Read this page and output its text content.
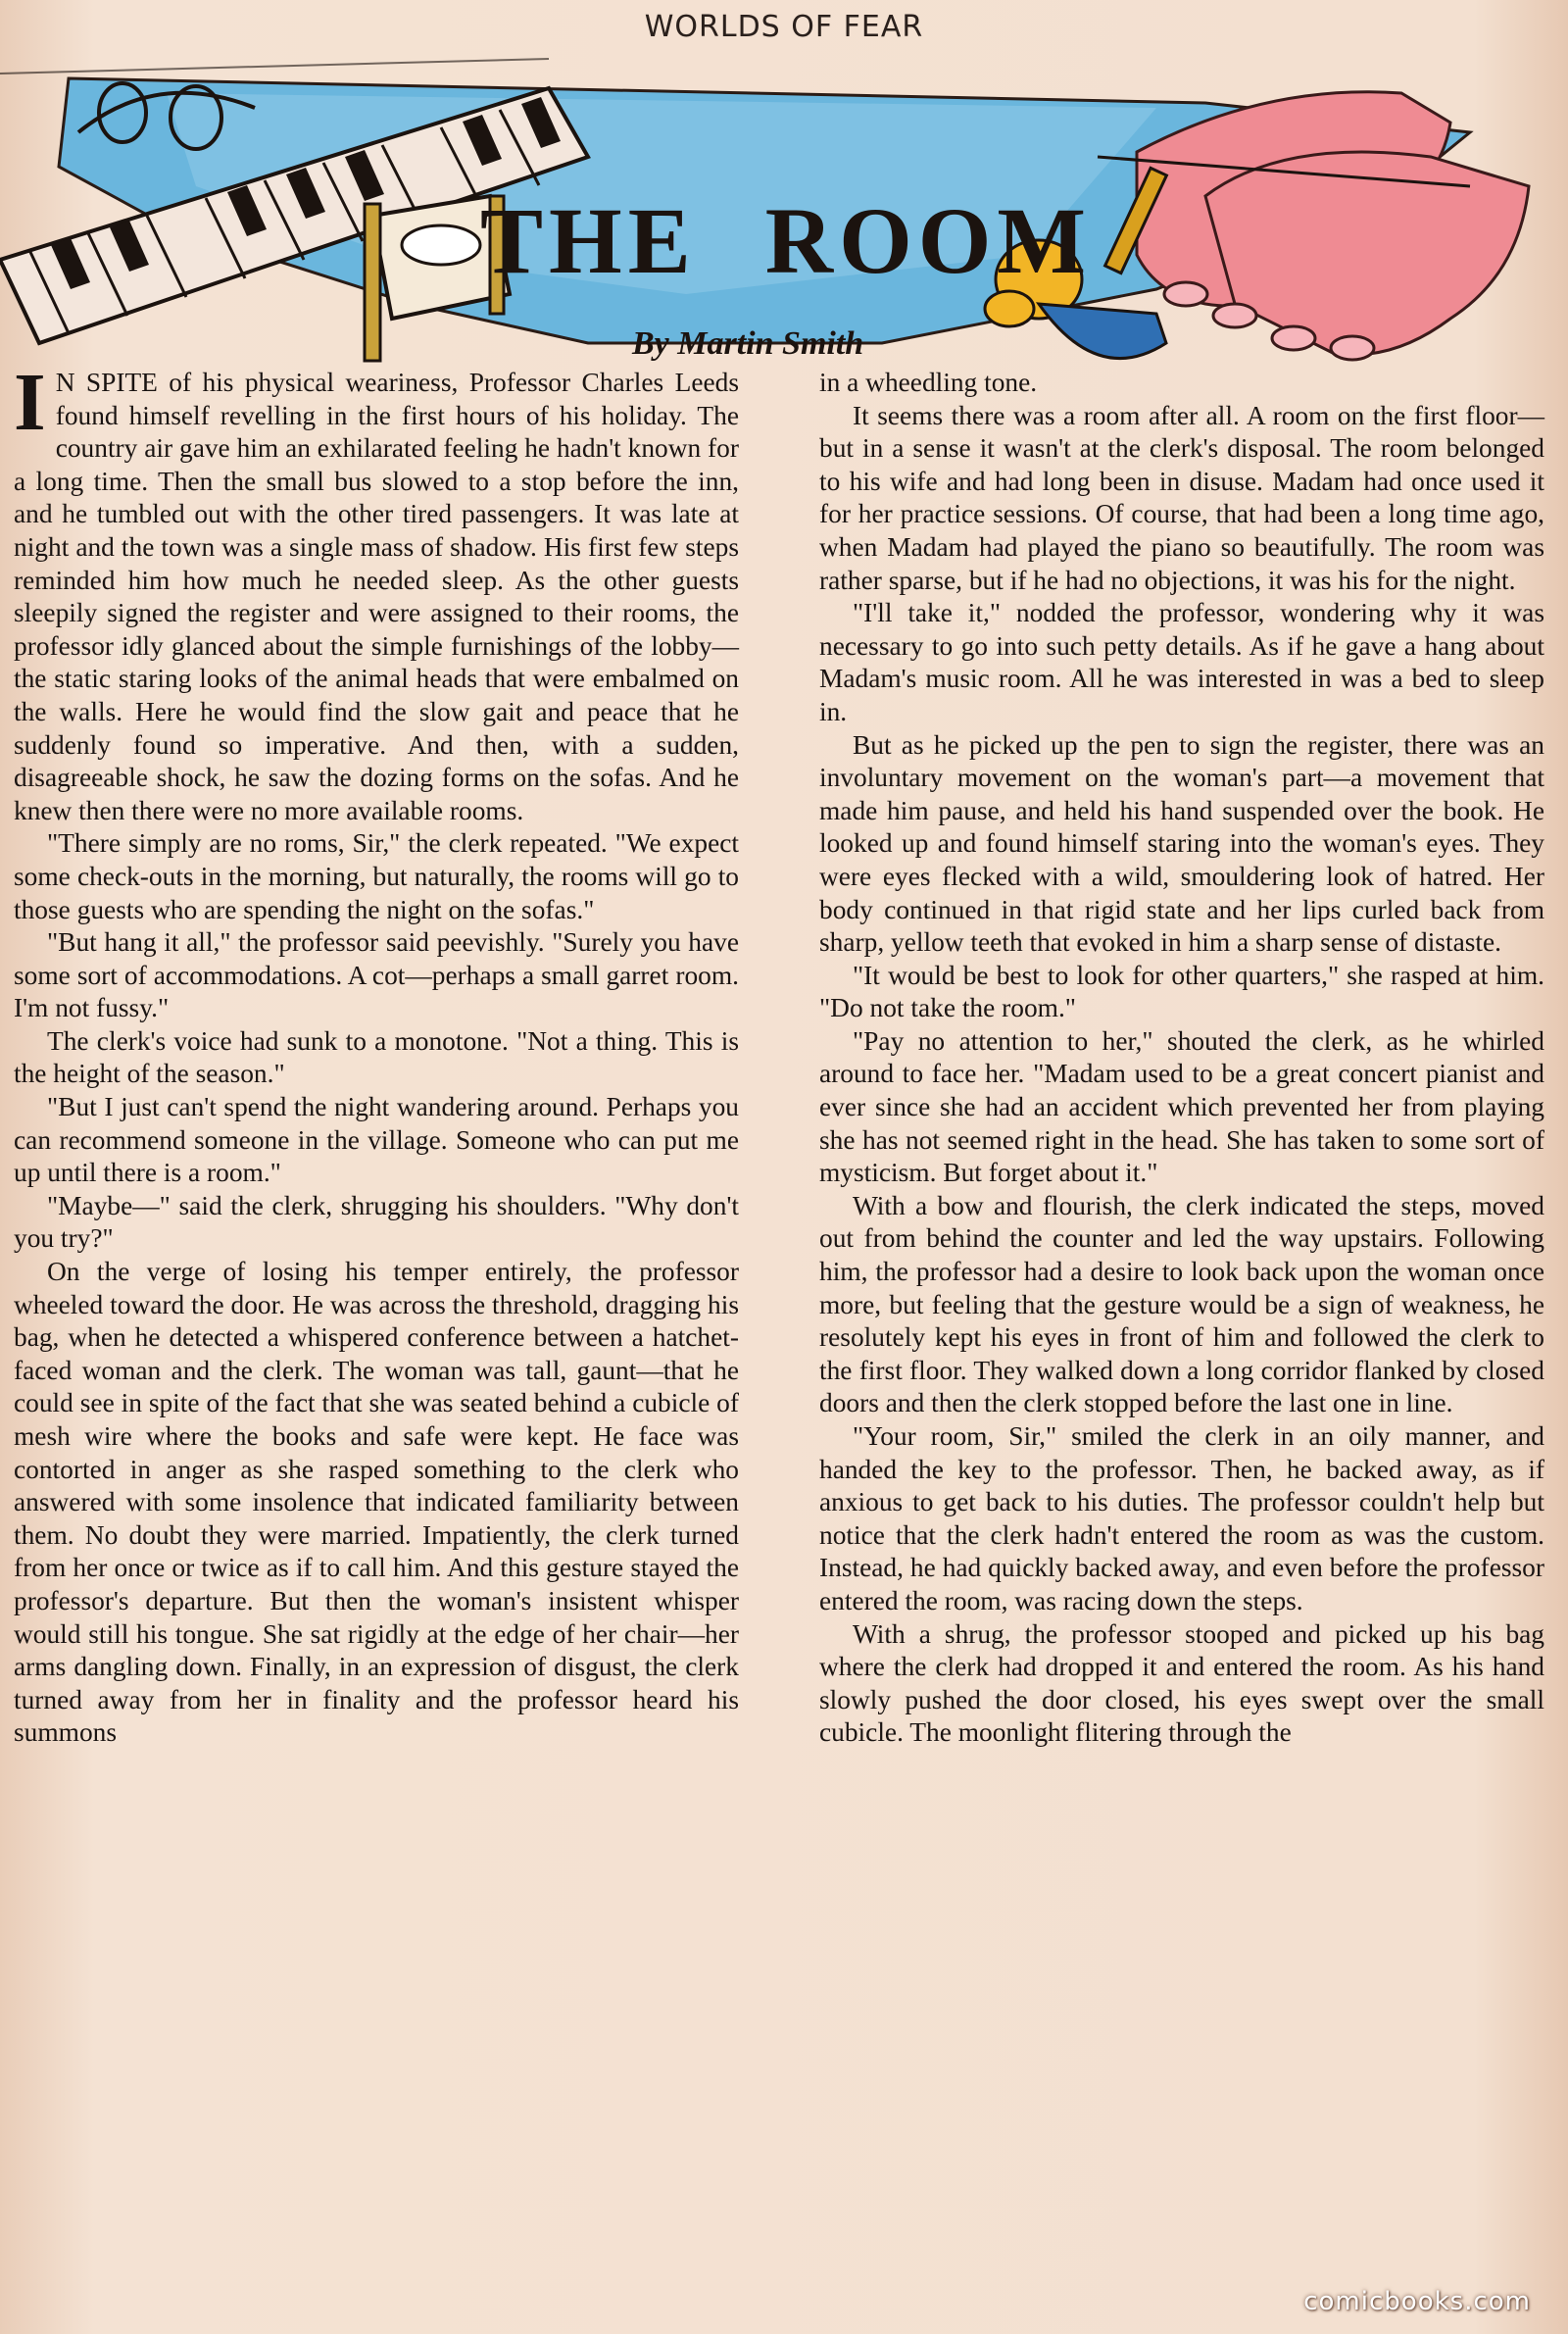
WORLDS OF FEAR
THE ROOM
By Martin Smith

I N SPITE of his physical weariness, Professor Charles Leeds found himself revelling in the first hours of his holiday. The country air gave him an exhilarated feeling he hadn't known for a long time. Then the small bus slowed to a stop before the inn, and he tumbled out with the other tired passengers. It was late at night and the town was a single mass of shadow. His first few steps reminded him how much he needed sleep. As the other guests sleepily signed the register and were assigned to their rooms, the professor idly glanced about the simple furnishings of the lobby—the static staring looks of the animal heads that were embalmed on the walls. Here he would find the slow gait and peace that he suddenly found so imperative. And then, with a sudden, disagreeable shock, he saw the dozing forms on the sofas. And he knew then there were no more available rooms.

"There simply are no roms, Sir," the clerk repeated. "We expect some check-outs in the morning, but naturally, the rooms will go to those guests who are spending the night on the sofas."

"But hang it all," the professor said peevishly. "Surely you have some sort of accommodations. A cot—perhaps a small garret room. I'm not fussy."

The clerk's voice had sunk to a monotone. "Not a thing. This is the height of the season."

"But I just can't spend the night wandering around. Perhaps you can recommend someone in the village. Someone who can put me up until there is a room."

"Maybe—" said the clerk, shrugging his shoulders. "Why don't you try?"

On the verge of losing his temper entirely, the professor wheeled toward the door. He was across the threshold, dragging his bag, when he detected a whispered conference between a hatchet-faced woman and the clerk. The woman was tall, gaunt—that he could see in spite of the fact that she was seated behind a cubicle of mesh wire where the books and safe were kept. He face was contorted in anger as she rasped something to the clerk who answered with some insolence that indicated familiarity between them. No doubt they were married. Impatiently, the clerk turned from her once or twice as if to call him. And this gesture stayed the professor's departure. But then the woman's insistent whisper would still his tongue. She sat rigidly at the edge of her chair—her arms dangling down. Finally, in an expression of disgust, the clerk turned away from her in finality and the professor heard his summons

in a wheedling tone.

It seems there was a room after all. A room on the first floor—but in a sense it wasn't at the clerk's disposal. The room belonged to his wife and had long been in disuse. Madam had once used it for her practice sessions. Of course, that had been a long time ago, when Madam had played the piano so beautifully. The room was rather sparse, but if he had no objections, it was his for the night.

"I'll take it," nodded the professor, wondering why it was necessary to go into such petty details. As if he gave a hang about Madam's music room. All he was interested in was a bed to sleep in.

But as he picked up the pen to sign the register, there was an involuntary movement on the woman's part—a movement that made him pause, and held his hand suspended over the book. He looked up and found himself staring into the woman's eyes. They were eyes flecked with a wild, smouldering look of hatred. Her body continued in that rigid state and her lips curled back from sharp, yellow teeth that evoked in him a sharp sense of distaste.

"It would be best to look for other quarters," she rasped at him. "Do not take the room."

"Pay no attention to her," shouted the clerk, as he whirled around to face her. "Madam used to be a great concert pianist and ever since she had an accident which prevented her from playing she has not seemed right in the head. She has taken to some sort of mysticism. But forget about it."

With a bow and flourish, the clerk indicated the steps, moved out from behind the counter and led the way upstairs. Following him, the professor had a desire to look back upon the woman once more, but feeling that the gesture would be a sign of weakness, he resolutely kept his eyes in front of him and followed the clerk to the first floor. They walked down a long corridor flanked by closed doors and then the clerk stopped before the last one in line.

"Your room, Sir," smiled the clerk in an oily manner, and handed the key to the professor. Then, he backed away, as if anxious to get back to his duties. The professor couldn't help but notice that the clerk hadn't entered the room as was the custom. Instead, he had quickly backed away, and even before the professor entered the room, was racing down the steps.

With a shrug, the professor stooped and picked up his bag where the clerk had dropped it and entered the room. As his hand slowly pushed the door closed, his eyes swept over the small cubicle. The moonlight flitering through the

comicbooks.com
